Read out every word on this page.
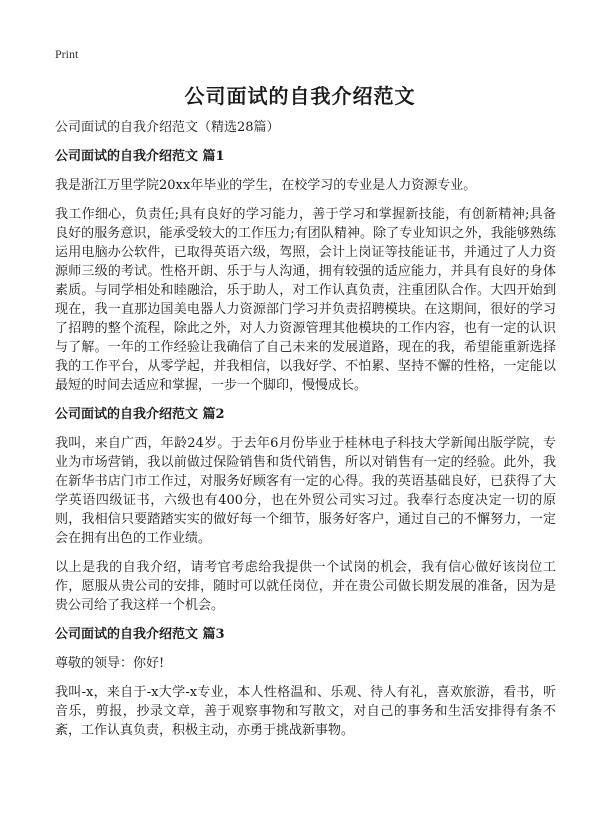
Print
公司面试的自我介绍范文

公司面试的自我介绍范文（精选28篇）

公司面试的自我介绍范文 篇1

我是浙江万里学院20xx年毕业的学生，在校学习的专业是人力资源专业。

我工作细心，负责任;具有良好的学习能力，善于学习和掌握新技能，有创新精神;具备良好的服务意识，能承受较大的工作压力;有团队精神。除了专业知识之外，我能够熟练运用电脑办公软件，已取得英语六级，驾照，会计上岗证等技能证书，并通过了人力资源师三级的考试。性格开朗、乐于与人沟通，拥有较强的适应能力，并具有良好的身体素质。与同学相处和睦融洽，乐于助人，对工作认真负责，注重团队合作。大四开始到现在，我一直那边国美电器人力资源部门学习并负责招聘模块。在这期间，很好的学习了招聘的整个流程，除此之外，对人力资源管理其他模块的工作内容，也有一定的认识与了解。一年的工作经验让我确信了自己未来的发展道路，现在的我，希望能重新选择我的工作平台，从零学起，并我相信，以我好学、不怕累、坚持不懈的性格，一定能以最短的时间去适应和掌握，一步一个脚印，慢慢成长。

公司面试的自我介绍范文 篇2

我叫，来自广西，年龄24岁。于去年6月份毕业于桂林电子科技大学新闻出版学院，专业为市场营销，我以前做过保险销售和货代销售，所以对销售有一定的经验。此外，我在新华书店门市工作过，对服务好顾客有一定的心得。我的英语基础良好，已获得了大学英语四级证书，六级也有400分，也在外贸公司实习过。我奉行态度决定一切的原则，我相信只要踏踏实实的做好每一个细节，服务好客户，通过自己的不懈努力，一定会在拥有出色的工作业绩。

以上是我的自我介绍，请考官考虑给我提供一个试岗的机会，我有信心做好该岗位工作，愿服从贵公司的安排，随时可以就任岗位，并在贵公司做长期发展的准备，因为是贵公司给了我这样一个机会。

公司面试的自我介绍范文 篇3

尊敬的领导：你好!

我叫-x，来自于-x大学-x专业，本人性格温和、乐观、待人有礼，喜欢旅游，看书，听音乐，剪报，抄录文章，善于观察事物和写散文，对自己的事务和生活安排得有条不紊，工作认真负责，积极主动，亦勇于挑战新事物。
